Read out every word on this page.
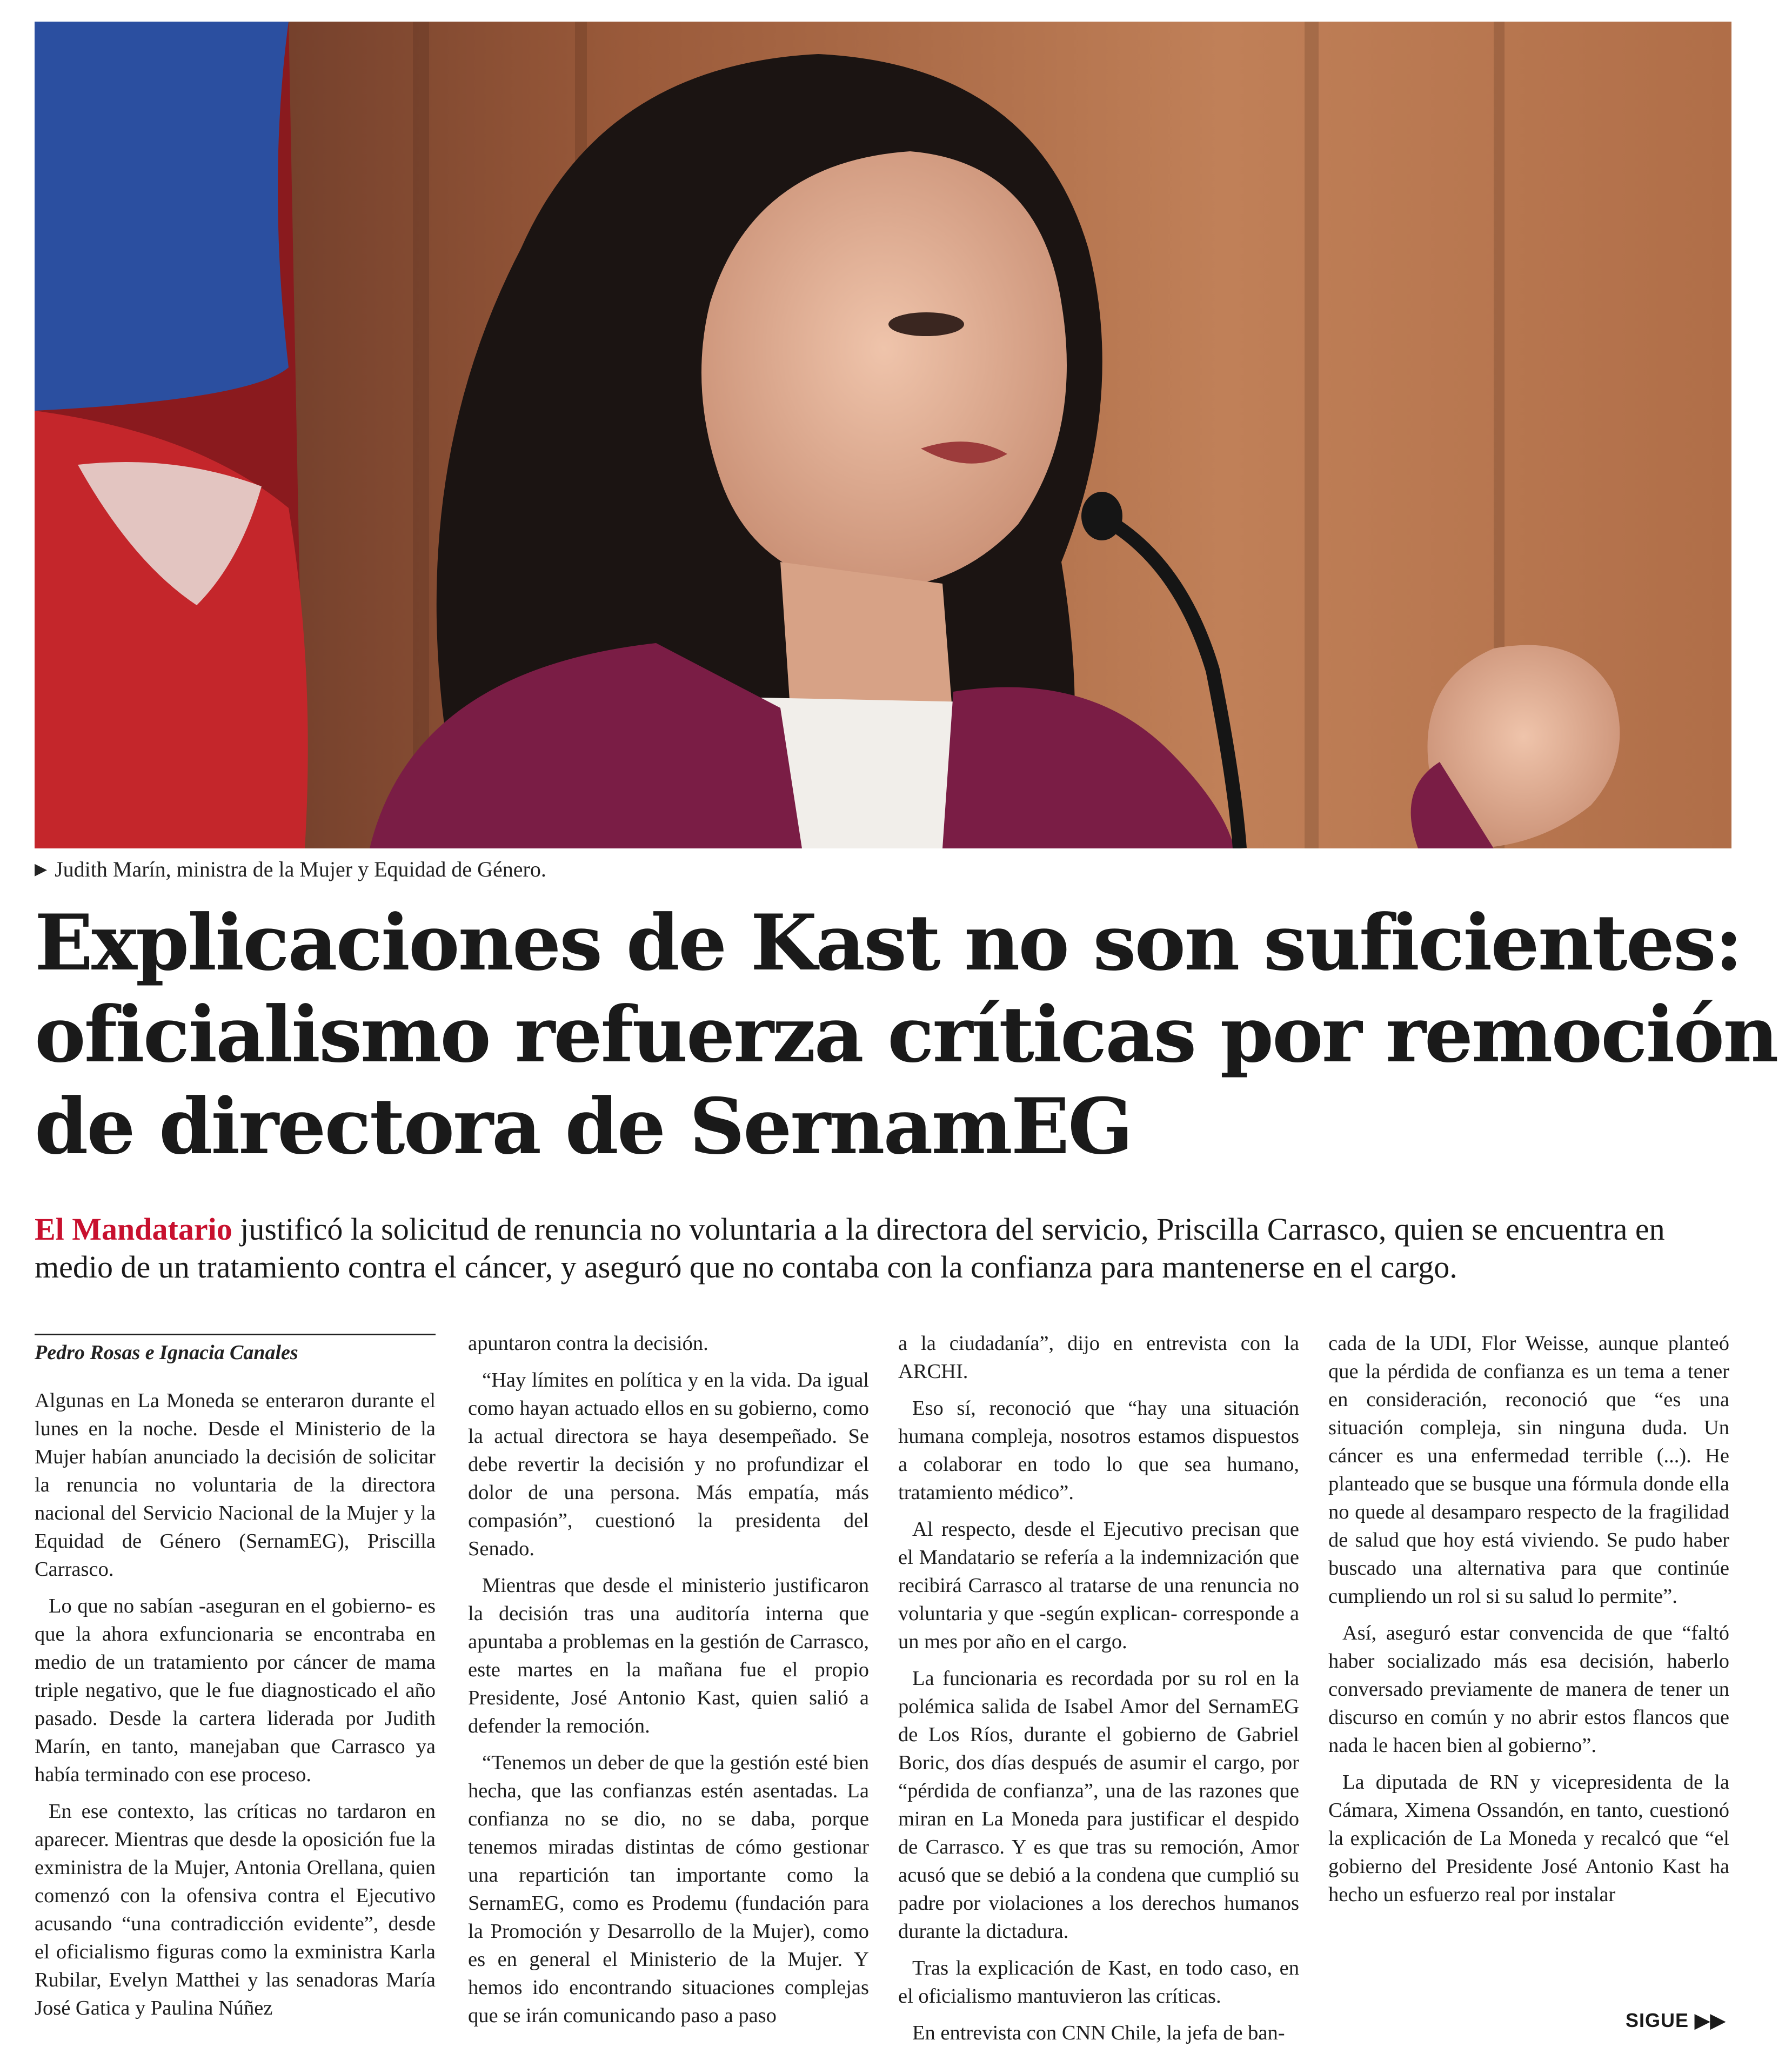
▶ Judith Marín, ministra de la Mujer y Equidad de Género.
Explicaciones de Kast no son suficientes:
oficialismo refuerza críticas por remoción
de directora de SernamEG
El Mandatario justificó la solicitud de renuncia no voluntaria a la directora del servicio, Priscilla Carrasco, quien se encuentra en medio de un tratamiento contra el cáncer, y aseguró que no contaba con la confianza para mantenerse en el cargo.
Pedro Rosas e Ignacia Canales

Algunas en La Moneda se enteraron durante el lunes en la noche. Desde el Ministerio de la Mujer habían anunciado la decisión de solicitar la renuncia no voluntaria de la directora nacional del Servicio Nacional de la Mujer y la Equidad de Género (SernamEG), Priscilla Carrasco.

Lo que no sabían -aseguran en el gobierno- es que la ahora exfuncionaria se encontraba en medio de un tratamiento por cáncer de mama triple negativo, que le fue diagnosticado el año pasado. Desde la cartera liderada por Judith Marín, en tanto, manejaban que Carrasco ya había terminado con ese proceso.

En ese contexto, las críticas no tardaron en aparecer. Mientras que desde la oposición fue la exministra de la Mujer, Antonia Orellana, quien comenzó con la ofensiva contra el Ejecutivo acusando “una contradicción evidente”, desde el oficialismo figuras como la exministra Karla Rubilar, Evelyn Matthei y las senadoras María José Gatica y Paulina Núñez

apuntaron contra la decisión.

“Hay límites en política y en la vida. Da igual como hayan actuado ellos en su gobierno, como la actual directora se haya desempeñado. Se debe revertir la decisión y no profundizar el dolor de una persona. Más empatía, más compasión”, cuestionó la presidenta del Senado.

Mientras que desde el ministerio justificaron la decisión tras una auditoría interna que apuntaba a problemas en la gestión de Carrasco, este martes en la mañana fue el propio Presidente, José Antonio Kast, quien salió a defender la remoción.

“Tenemos un deber de que la gestión esté bien hecha, que las confianzas estén asentadas. La confianza no se dio, no se daba, porque tenemos miradas distintas de cómo gestionar una repartición tan importante como la SernamEG, como es Prodemu (fundación para la Promoción y Desarrollo de la Mujer), como es en general el Ministerio de la Mujer. Y hemos ido encontrando situaciones complejas que se irán comunicando paso a paso

a la ciudadanía”, dijo en entrevista con la ARCHI.

Eso sí, reconoció que “hay una situación humana compleja, nosotros estamos dispuestos a colaborar en todo lo que sea humano, tratamiento médico”.

Al respecto, desde el Ejecutivo precisan que el Mandatario se refería a la indemnización que recibirá Carrasco al tratarse de una renuncia no voluntaria y que -según explican- corresponde a un mes por año en el cargo.

La funcionaria es recordada por su rol en la polémica salida de Isabel Amor del SernamEG de Los Ríos, durante el gobierno de Gabriel Boric, dos días después de asumir el cargo, por “pérdida de confianza”, una de las razones que miran en La Moneda para justificar el despido de Carrasco. Y es que tras su remoción, Amor acusó que se debió a la condena que cumplió su padre por violaciones a los derechos humanos durante la dictadura.

Tras la explicación de Kast, en todo caso, en el oficialismo mantuvieron las críticas.

En entrevista con CNN Chile, la jefa de ban-

cada de la UDI, Flor Weisse, aunque planteó que la pérdida de confianza es un tema a tener en consideración, reconoció que “es una situación compleja, sin ninguna duda. Un cáncer es una enfermedad terrible (...). He planteado que se busque una fórmula donde ella no quede al desamparo respecto de la fragilidad de salud que hoy está viviendo. Se pudo haber buscado una alternativa para que continúe cumpliendo un rol si su salud lo permite”.

Así, aseguró estar convencida de que “faltó haber socializado más esa decisión, haberlo conversado previamente de manera de tener un discurso en común y no abrir estos flancos que nada le hacen bien al gobierno”.

La diputada de RN y vicepresidenta de la Cámara, Ximena Ossandón, en tanto, cuestionó la explicación de La Moneda y recalcó que “el gobierno del Presidente José Antonio Kast ha hecho un esfuerzo real por instalar

SIGUE ▶▶
